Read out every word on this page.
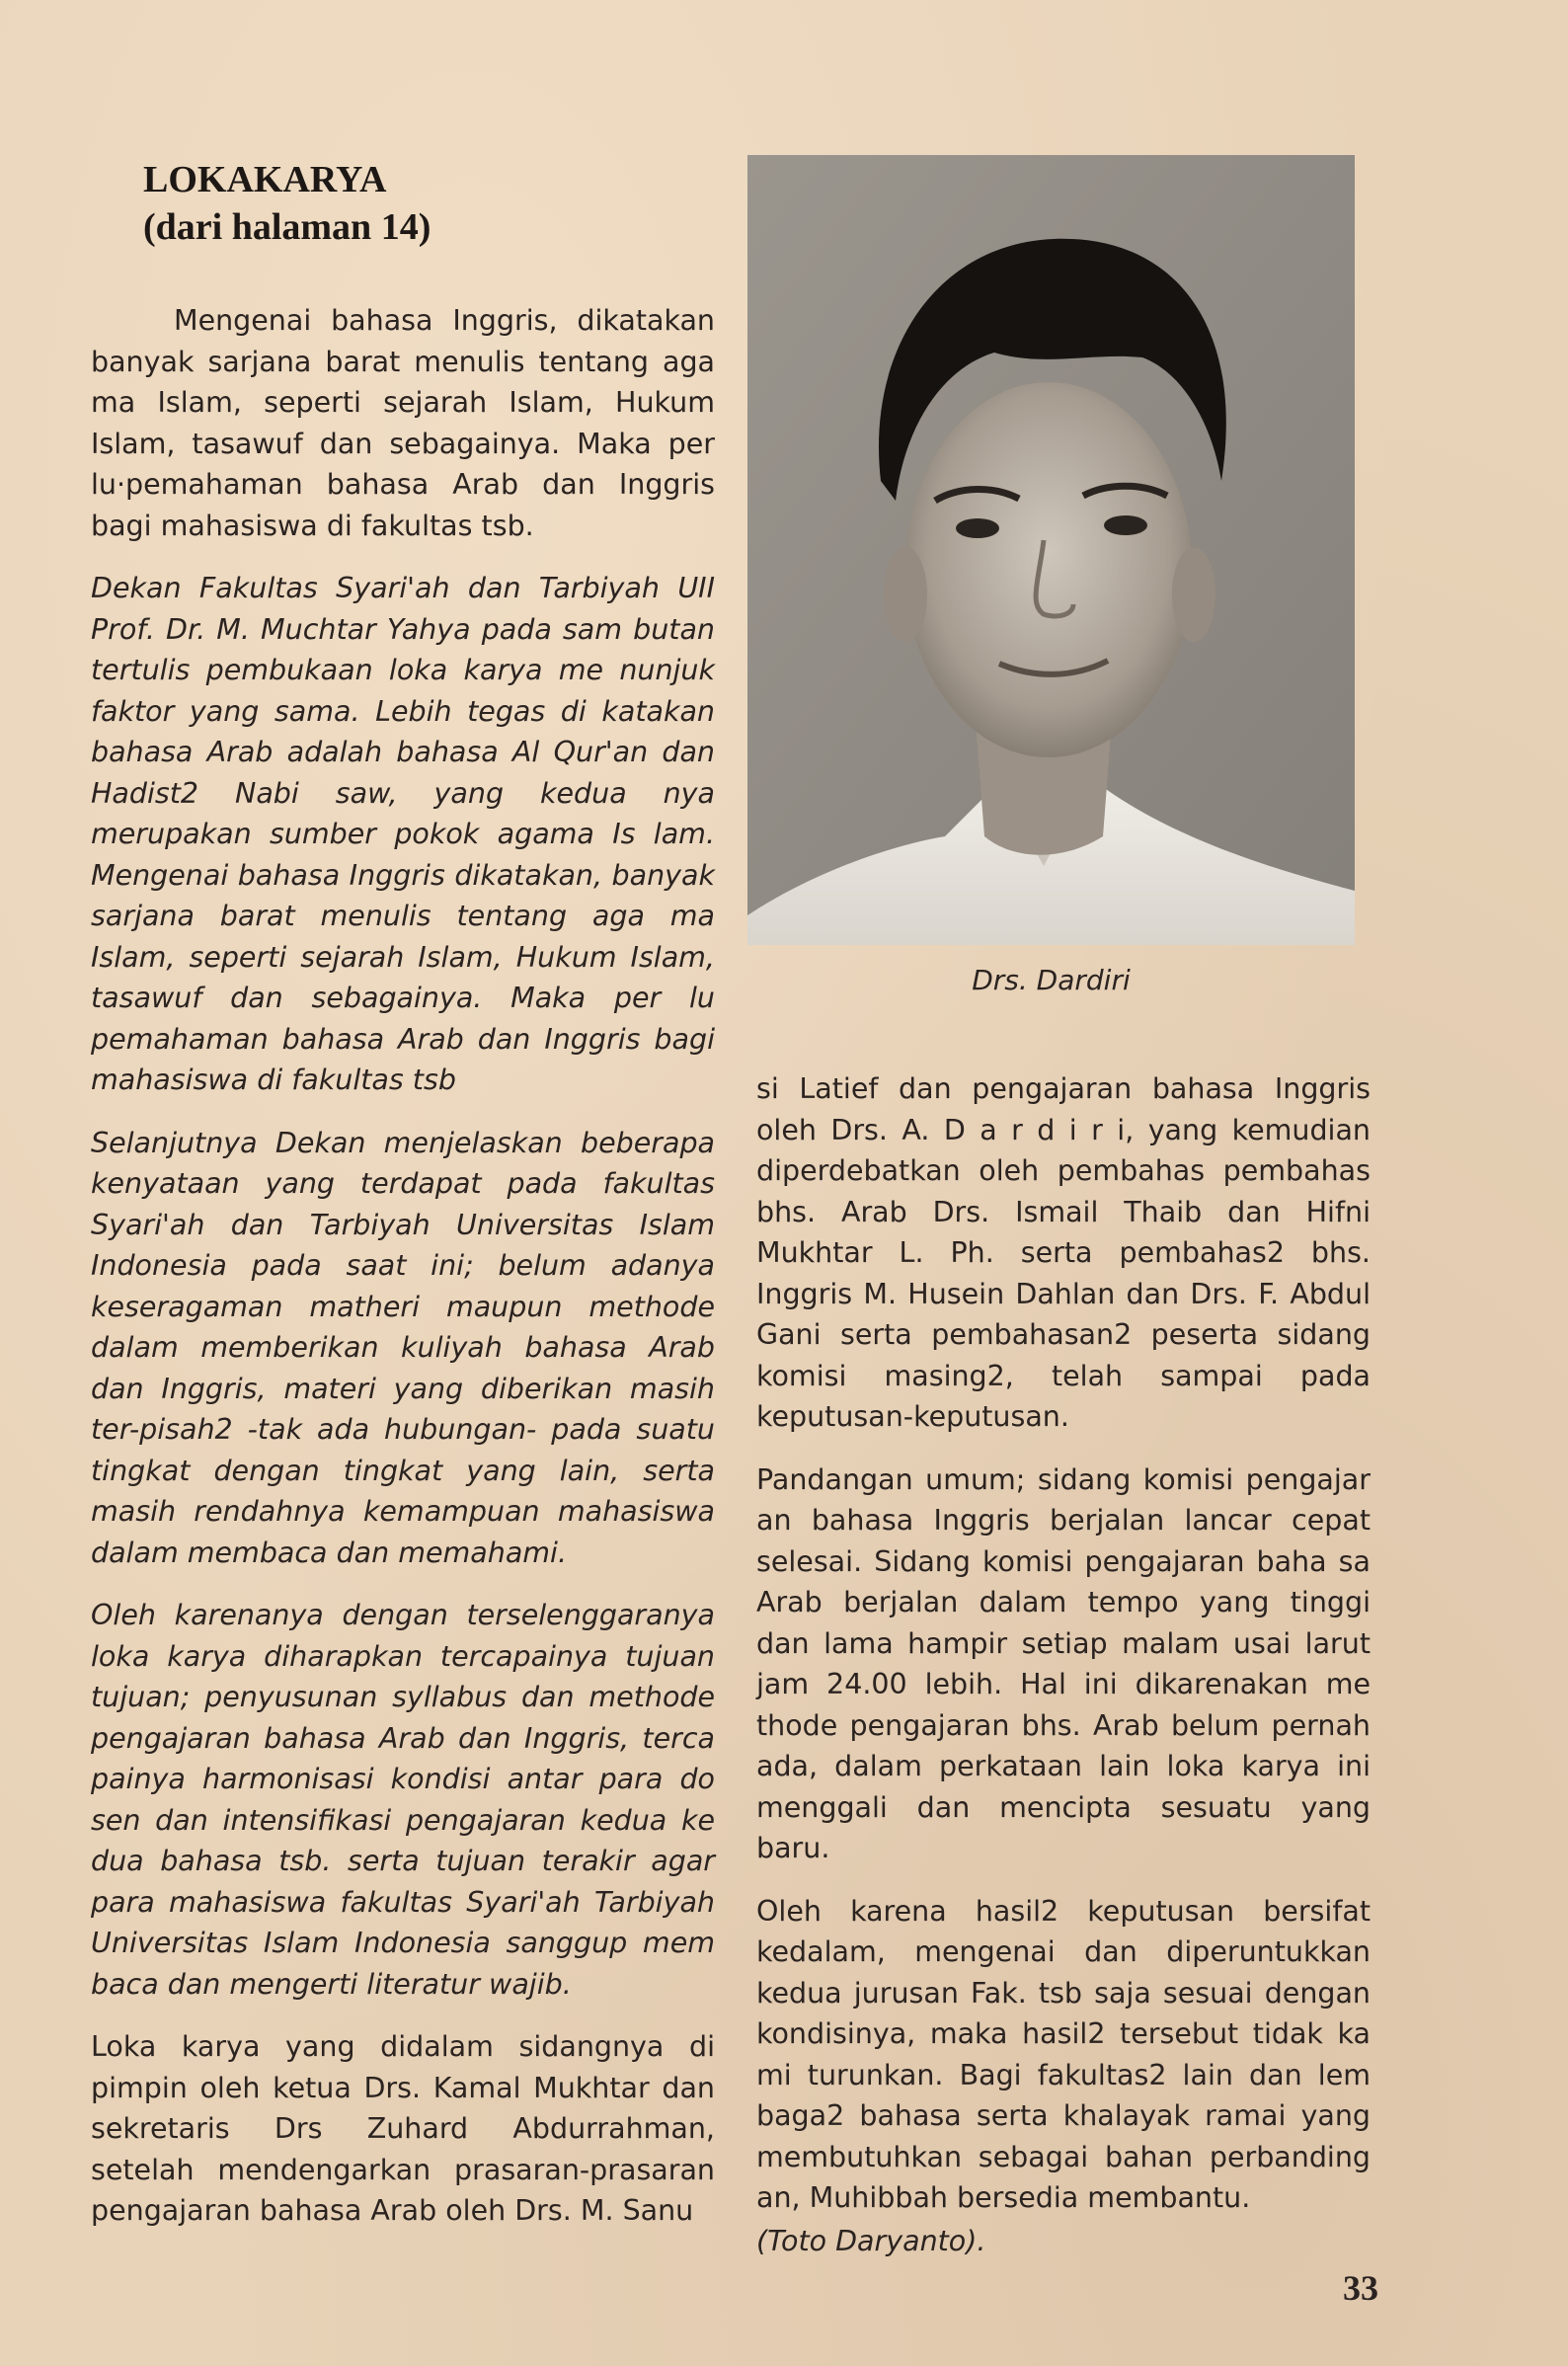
LOKAKARYA
(dari halaman 14)

Mengenai bahasa Inggris, dikatakan banyak sarjana barat menulis tentang aga ma Islam, seperti sejarah Islam, Hukum Islam, tasawuf dan sebagainya. Maka per lu·pemahaman bahasa Arab dan Inggris bagi mahasiswa di fakultas tsb.

Dekan Fakultas Syari'ah dan Tarbiyah UII Prof. Dr. M. Muchtar Yahya pada sam butan tertulis pembukaan loka karya me nunjuk faktor yang sama. Lebih tegas di katakan bahasa Arab adalah bahasa Al Qur'an dan Hadist2 Nabi saw, yang kedua nya merupakan sumber pokok agama Is lam. Mengenai bahasa Inggris dikatakan, banyak sarjana barat menulis tentang aga ma Islam, seperti sejarah Islam, Hukum Islam, tasawuf dan sebagainya. Maka per lu pemahaman bahasa Arab dan Inggris bagi mahasiswa di fakultas tsb

Selanjutnya Dekan menjelaskan beberapa kenyataan yang terdapat pada fakultas Syari'ah dan Tarbiyah Universitas Islam Indonesia pada saat ini; belum adanya keseragaman matheri maupun methode dalam memberikan kuliyah bahasa Arab dan Inggris, materi yang diberikan masih ter-pisah2 -tak ada hubungan- pada suatu tingkat dengan tingkat yang lain, serta masih rendahnya kemampuan mahasiswa dalam membaca dan memahami.

Oleh karenanya dengan terselenggaranya loka karya diharapkan tercapainya tujuan tujuan; penyusunan syllabus dan methode pengajaran bahasa Arab dan Inggris, terca painya harmonisasi kondisi antar para do sen dan intensifikasi pengajaran kedua ke dua bahasa tsb. serta tujuan terakir agar para mahasiswa fakultas Syari'ah Tarbiyah Universitas Islam Indonesia sanggup mem baca dan mengerti literatur wajib.

Loka karya yang didalam sidangnya di pimpin oleh ketua Drs. Kamal Mukhtar dan sekretaris Drs Zuhard Abdurrahman, setelah mendengarkan prasaran-prasaran pengajaran bahasa Arab oleh Drs. M. Sanu

Drs. Dardiri

si Latief dan pengajaran bahasa Inggris oleh Drs. A. D a r d i r i, yang kemudian diperdebatkan oleh pembahas pembahas bhs. Arab Drs. Ismail Thaib dan Hifni Mukhtar L. Ph. serta pembahas2 bhs. Inggris M. Husein Dahlan dan Drs. F. Abdul Gani serta pembahasan2 peserta sidang komisi masing2, telah sampai pada keputusan-keputusan.

Pandangan umum; sidang komisi pengajar an bahasa Inggris berjalan lancar cepat selesai. Sidang komisi pengajaran baha sa Arab berjalan dalam tempo yang tinggi dan lama hampir setiap malam usai larut jam 24.00 lebih. Hal ini dikarenakan me thode pengajaran bhs. Arab belum pernah ada, dalam perkataan lain loka karya ini menggali dan mencipta sesuatu yang baru.

Oleh karena hasil2 keputusan bersifat kedalam, mengenai dan diperuntukkan kedua jurusan Fak. tsb saja sesuai dengan kondisinya, maka hasil2 tersebut tidak ka mi turunkan. Bagi fakultas2 lain dan lem baga2 bahasa serta khalayak ramai yang membutuhkan sebagai bahan perbanding an, Muhibbah bersedia membantu.

(Toto Daryanto).
33
